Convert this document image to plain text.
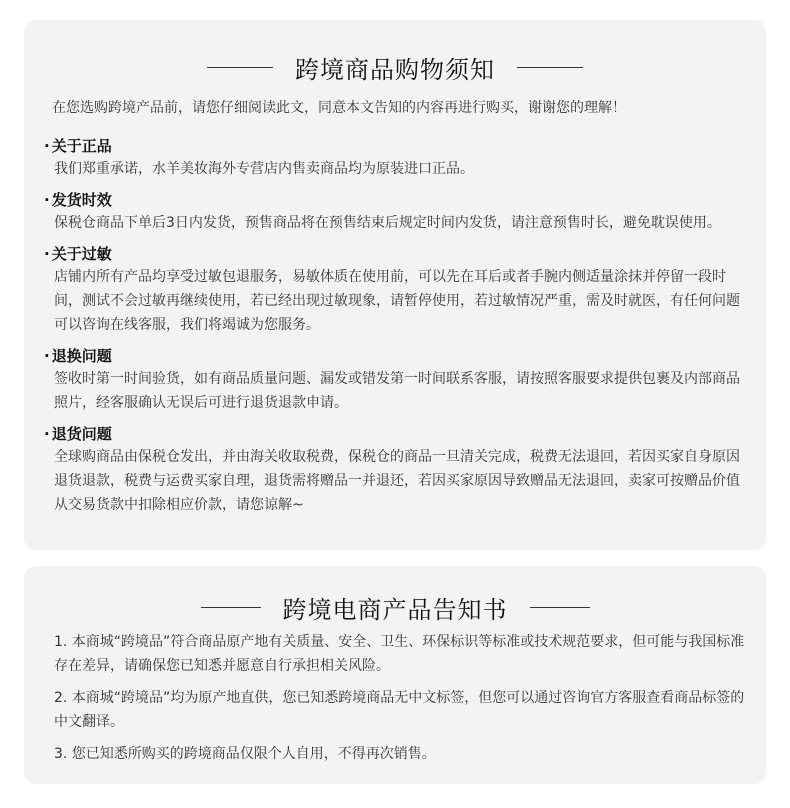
跨境商品购物须知
在您选购跨境产品前，请您仔细阅读此文，同意本文告知的内容再进行购买，谢谢您的理解！
· 关于正品
我们郑重承诺，水羊美妆海外专营店内售卖商品均为原装进口正品。
· 发货时效
保税仓商品下单后3日内发货，预售商品将在预售结束后规定时间内发货，请注意预售时长，避免耽误使用。
· 关于过敏
店铺内所有产品均享受过敏包退服务，易敏体质在使用前，可以先在耳后或者手腕内侧适量涂抹并停留一段时间，测试不会过敏再继续使用，若已经出现过敏现象，请暂停使用，若过敏情况严重，需及时就医，有任何问题可以咨询在线客服，我们将竭诚为您服务。
· 退换问题
签收时第一时间验货，如有商品质量问题、漏发或错发第一时间联系客服，请按照客服要求提供包裹及内部商品照片，经客服确认无误后可进行退货退款申请。
· 退货问题
全球购商品由保税仓发出，并由海关收取税费，保税仓的商品一旦清关完成，税费无法退回，若因买家自身原因退货退款，税费与运费买家自理，退货需将赠品一并退还，若因买家原因导致赠品无法退回，卖家可按赠品价值从交易货款中扣除相应价款，请您谅解~
跨境电商产品告知书
1. 本商城“跨境品”符合商品原产地有关质量、安全、卫生、环保标识等标准或技术规范要求，但可能与我国标准存在差异，请确保您已知悉并愿意自行承担相关风险。
2. 本商城“跨境品”均为原产地直供，您已知悉跨境商品无中文标签，但您可以通过咨询官方客服查看商品标签的中文翻译。
3. 您已知悉所购买的跨境商品仅限个人自用，不得再次销售。
